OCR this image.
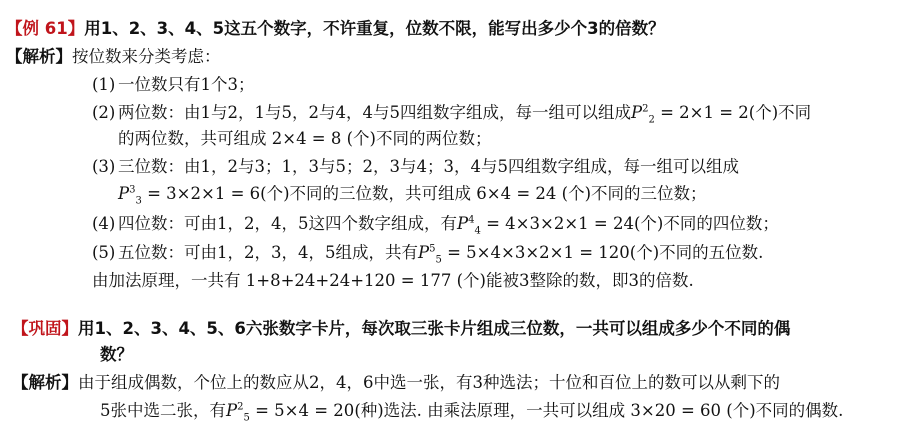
【例 61】用1、2、3、4、5这五个数字，不许重复，位数不限，能写出多少个3的倍数？
【解析】按位数来分类考虑：
(1) 一位数只有1个3；
(2) 两位数：由1与2，1与5，2与4，4与5四组数字组成，每一组可以组成$P^2_2 = 2\times 1 = 2$(个)不同
的两位数，共可组成 2×4 = 8 (个)不同的两位数；
(3) 三位数：由1，2与3；1，3与5；2，3与4；3，4与5四组数字组成，每一组可以组成
$P^3_3 = 3\times 2\times 1 = 6$(个)不同的三位数，共可组成 6×4 = 24 (个)不同的三位数；
(4) 四位数：可由1，2，4，5这四个数字组成，有$P^4_4 = 4\times 3\times 2\times 1 = 24$(个)不同的四位数；
(5) 五位数：可由1，2，3，4，5组成，共有$P^5_5 = 5\times 4\times 3\times 2\times 1 = 120$(个)不同的五位数.
由加法原理，一共有 1+8+24+24+120 = 177 (个)能被3整除的数，即3的倍数.
【巩固】用1、2、3、4、5、6六张数字卡片，每次取三张卡片组成三位数，一共可以组成多少个不同的偶
数？
【解析】由于组成偶数，个位上的数应从2，4，6中选一张，有3种选法；十位和百位上的数可以从剩下的
5张中选二张，有$P^2_5 = 5\times 4 = 20$(种)选法. 由乘法原理，一共可以组成 3×20 = 60 (个)不同的偶数.
